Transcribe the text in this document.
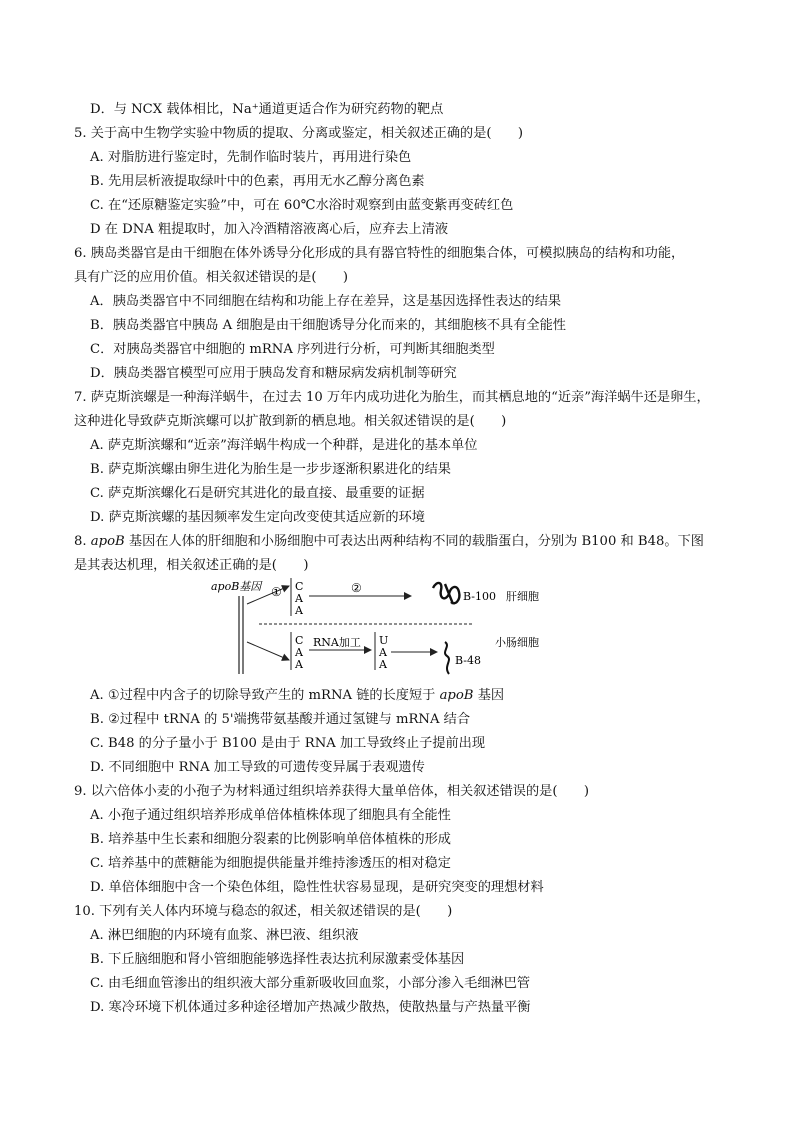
D．与 NCX 载体相比，Na⁺通道更适合作为研究药物的靶点
5. 关于高中生物学实验中物质的提取、分离或鉴定，相关叙述正确的是(　　)
A. 对脂肪进行鉴定时，先制作临时装片，再用进行染色
B. 先用层析液提取绿叶中的色素，再用无水乙醇分离色素
C. 在“还原糖鉴定实验”中，可在 60℃水浴时观察到由蓝变紫再变砖红色
D 在 DNA 粗提取时，加入冷酒精溶液离心后，应弃去上清液
6. 胰岛类器官是由干细胞在体外诱导分化形成的具有器官特性的细胞集合体，可模拟胰岛的结构和功能，
具有广泛的应用价值。相关叙述错误的是(　　)
A．胰岛类器官中不同细胞在结构和功能上存在差异，这是基因选择性表达的结果
B．胰岛类器官中胰岛 A 细胞是由干细胞诱导分化而来的，其细胞核不具有全能性
C．对胰岛类器官中细胞的 mRNA 序列进行分析，可判断其细胞类型
D．胰岛类器官模型可应用于胰岛发育和糖尿病发病机制等研究
7. 萨克斯滨螺是一种海洋蜗牛，在过去 10 万年内成功进化为胎生，而其栖息地的“近亲”海洋蜗牛还是卵生，
这种进化导致萨克斯滨螺可以扩散到新的栖息地。相关叙述错误的是(　　)
A. 萨克斯滨螺和“近亲”海洋蜗牛构成一个种群，是进化的基本单位
B. 萨克斯滨螺由卵生进化为胎生是一步步逐渐积累进化的结果
C. 萨克斯滨螺化石是研究其进化的最直接、最重要的证据
D. 萨克斯滨螺的基因频率发生定向改变使其适应新的环境
8. apoB 基因在人体的肝细胞和小肠细胞中可表达出两种结构不同的载脂蛋白，分别为 B100 和 B48。下图
是其表达机理，相关叙述正确的是(　　)
apoB基因 ① C
A
A
②
B-100 肝细胞
C
A
A
RNA加工 U
A
A	B-48
小肠细胞
A. ①过程中内含子的切除导致产生的 mRNA 链的长度短于 apoB 基因
B. ②过程中 tRNA 的 5'端携带氨基酸并通过氢键与 mRNA 结合
C. B48 的分子量小于 B100 是由于 RNA 加工导致终止子提前出现
D. 不同细胞中 RNA 加工导致的可遗传变异属于表观遗传
9. 以六倍体小麦的小孢子为材料通过组织培养获得大量单倍体，相关叙述错误的是(　　)
A. 小孢子通过组织培养形成单倍体植株体现了细胞具有全能性
B. 培养基中生长素和细胞分裂素的比例影响单倍体植株的形成
C. 培养基中的蔗糖能为细胞提供能量并维持渗透压的相对稳定
D. 单倍体细胞中含一个染色体组，隐性性状容易显现，是研究突变的理想材料
10. 下列有关人体内环境与稳态的叙述，相关叙述错误的是(　　)
A. 淋巴细胞的内环境有血浆、淋巴液、组织液
B. 下丘脑细胞和肾小管细胞能够选择性表达抗利尿激素受体基因
C. 由毛细血管渗出的组织液大部分重新吸收回血浆，小部分渗入毛细淋巴管
D. 寒冷环境下机体通过多种途径增加产热减少散热，使散热量与产热量平衡
